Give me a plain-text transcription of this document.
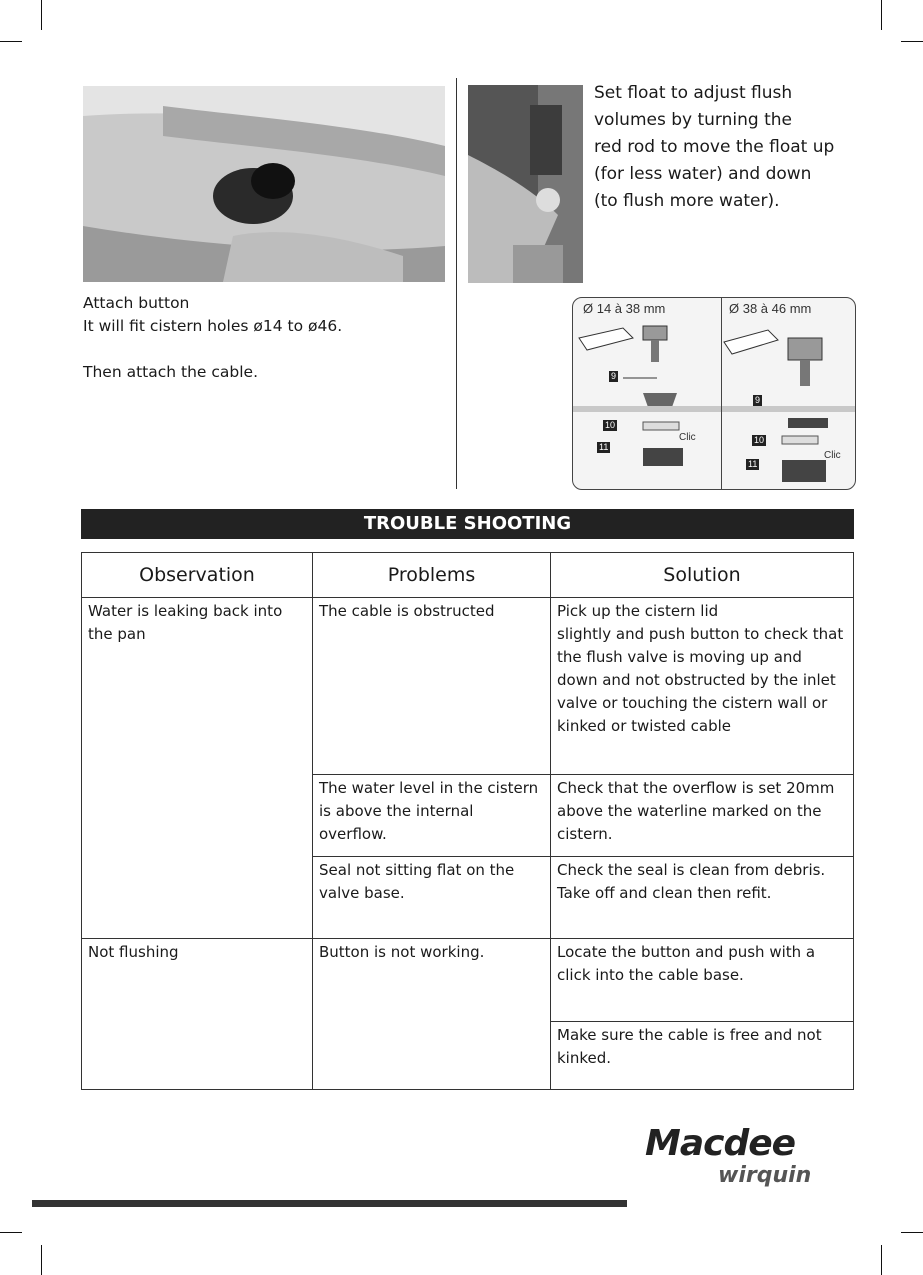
Attach button
It will fit cistern holes ø14 to ø46.
Then attach the cable.
Set float to adjust flush
volumes by turning the
red rod to move the float up
(for less water) and down
(to flush more water).
Ø 14 à 38 mm
9
10
11
Clic
Ø 38 à 46 mm
9
10
11
Clic
TROUBLE SHOOTING
Observation	Problems	Solution
Water is leaking back into the pan	The cable is obstructed	Pick up the cistern lid
slightly and push button to check that the flush valve is moving up and down and not obstructed by the inlet valve or touching the cistern wall or kinked or twisted cable
	The water level in the cistern is above the internal overflow.	Check that the overflow is set 20mm above the waterline marked on the cistern.
	Seal not sitting flat on the valve base.	Check the seal is clean from debris. Take off and clean then refit.
Not flushing	Button is not working.	Locate the button and push with a click into the cable base.
		Make sure the cable is free and not kinked.
Macdee
wirquin
